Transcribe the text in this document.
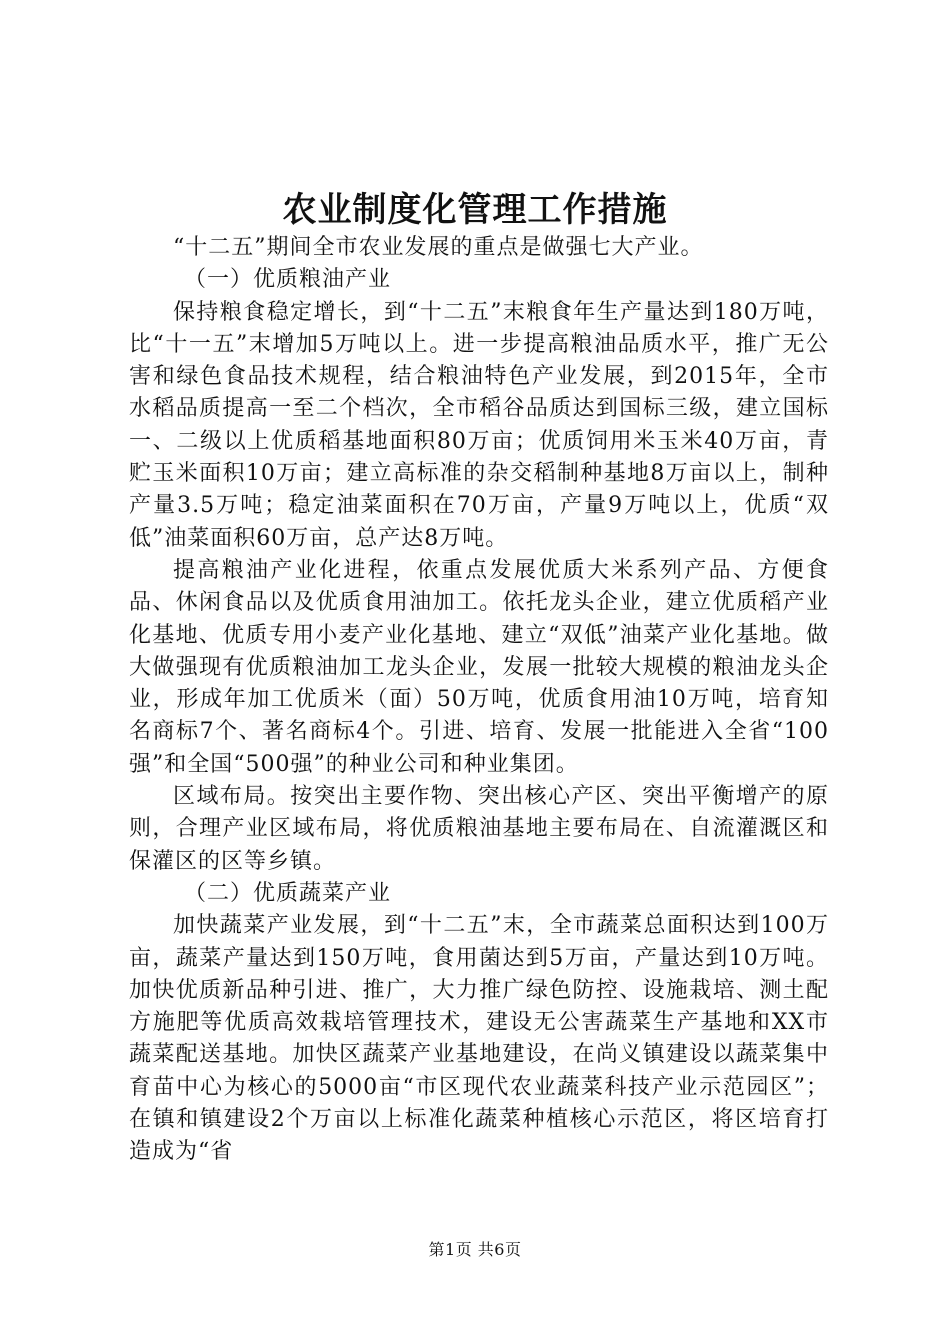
农业制度化管理工作措施

“十二五”期间全市农业发展的重点是做强七大产业。

（一）优质粮油产业

保持粮食稳定增长，到“十二五”末粮食年生产量达到180万吨，比“十一五”末增加5万吨以上。进一步提高粮油品质水平，推广无公害和绿色食品技术规程，结合粮油特色产业发展，到2015年，全市水稻品质提高一至二个档次，全市稻谷品质达到国标三级，建立国标一、二级以上优质稻基地面积80万亩；优质饲用米玉米40万亩，青贮玉米面积10万亩；建立高标准的杂交稻制种基地8万亩以上，制种产量3.5万吨；稳定油菜面积在70万亩，产量9万吨以上，优质“双低”油菜面积60万亩，总产达8万吨。

提高粮油产业化进程，依重点发展优质大米系列产品、方便食品、休闲食品以及优质食用油加工。依托龙头企业，建立优质稻产业化基地、优质专用小麦产业化基地、建立“双低”油菜产业化基地。做大做强现有优质粮油加工龙头企业，发展一批较大规模的粮油龙头企业，形成年加工优质米（面）50万吨，优质食用油10万吨，培育知名商标7个、著名商标4个。引进、培育、发展一批能进入全省“100强”和全国“500强”的种业公司和种业集团。

区域布局。按突出主要作物、突出核心产区、突出平衡增产的原则，合理产业区域布局，将优质粮油基地主要布局在、自流灌溉区和保灌区的区等乡镇。

（二）优质蔬菜产业

加快蔬菜产业发展，到“十二五”末，全市蔬菜总面积达到100万亩，蔬菜产量达到150万吨，食用菌达到5万亩，产量达到10万吨。加快优质新品种引进、推广，大力推广绿色防控、设施栽培、测土配方施肥等优质高效栽培管理技术，建设无公害蔬菜生产基地和XX市蔬菜配送基地。加快区蔬菜产业基地建设，在尚义镇建设以蔬菜集中育苗中心为核心的5000亩“市区现代农业蔬菜科技产业示范园区”；在镇和镇建设2个万亩以上标准化蔬菜种植核心示范区，将区培育打造成为“省

第1页 共6页
